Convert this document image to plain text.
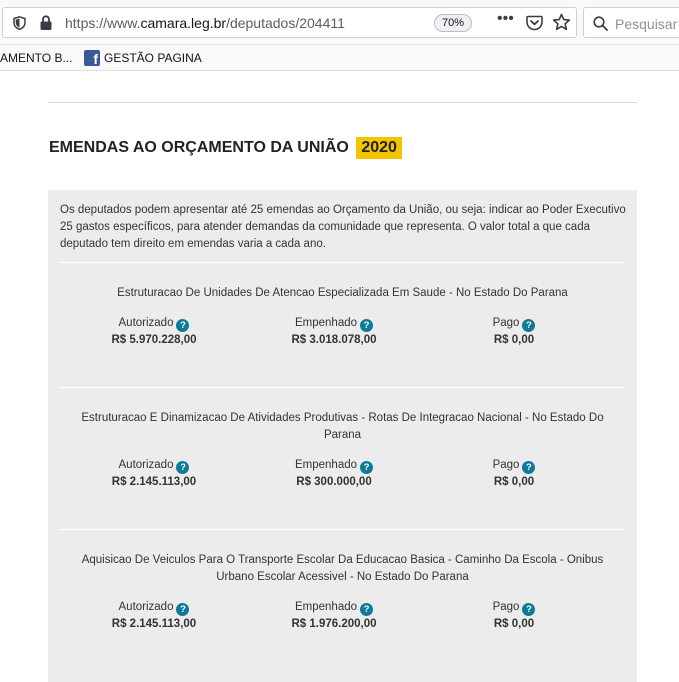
https://www.camara.leg.br/deputados/204411	70%	•••	Pesquisar
AMENTO B... f GESTÃO PAGINA
EMENDAS AO ORÇAMENTO DA UNIÃO 2020

Os deputados podem apresentar até 25 emendas ao Orçamento da União, ou seja: indicar ao Poder Executivo 25 gastos específicos, para atender demandas da comunidade que representa. O valor total a que cada deputado tem direito em emendas varia a cada ano.

Estruturacao De Unidades De Atencao Especializada Em Saude - No Estado Do Parana
Autorizado ?
R$ 5.970.228,00
Empenhado ?
R$ 3.018.078,00
Pago ?
R$ 0,00
Estruturacao E Dinamizacao De Atividades Produtivas - Rotas De Integracao Nacional - No Estado Do Parana
Autorizado ?
R$ 2.145.113,00
Empenhado ?
R$ 300.000,00
Pago ?
R$ 0,00
Aquisicao De Veiculos Para O Transporte Escolar Da Educacao Basica - Caminho Da Escola - Onibus Urbano Escolar Acessivel - No Estado Do Parana
Autorizado ?
R$ 2.145.113,00
Empenhado ?
R$ 1.976.200,00
Pago ?
R$ 0,00
